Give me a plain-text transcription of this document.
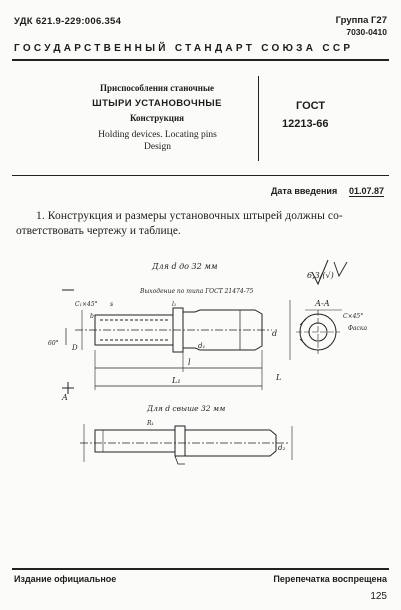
УДК 621.9-229:006.354	Группа Г27
7030-0410
ГОСУДАРСТВЕННЫЙ СТАНДАРТ СОЮЗА ССР
Приспособления станочные
ШТЫРИ УСТАНОВОЧНЫЕ
Конструкция
Holding devices. Locating pins
Design
ГОСТ
12213-66
Дата введения 01.07.87
1. Конструкция и размеры установочных штырей должны со-
ответствовать чертежу и таблице.
Для d до 32 мм
6,3/(√)
Выходение по типа ГОСТ 21474-75
А-А
C₁×45°
C×45°
Фаска
l
L
L₁
d
d₁
d₂
D
60°
A
R₁
s
b
l₁
Для d свыше 32 мм
Издание официальное	Перепечатка воспрещена
125
